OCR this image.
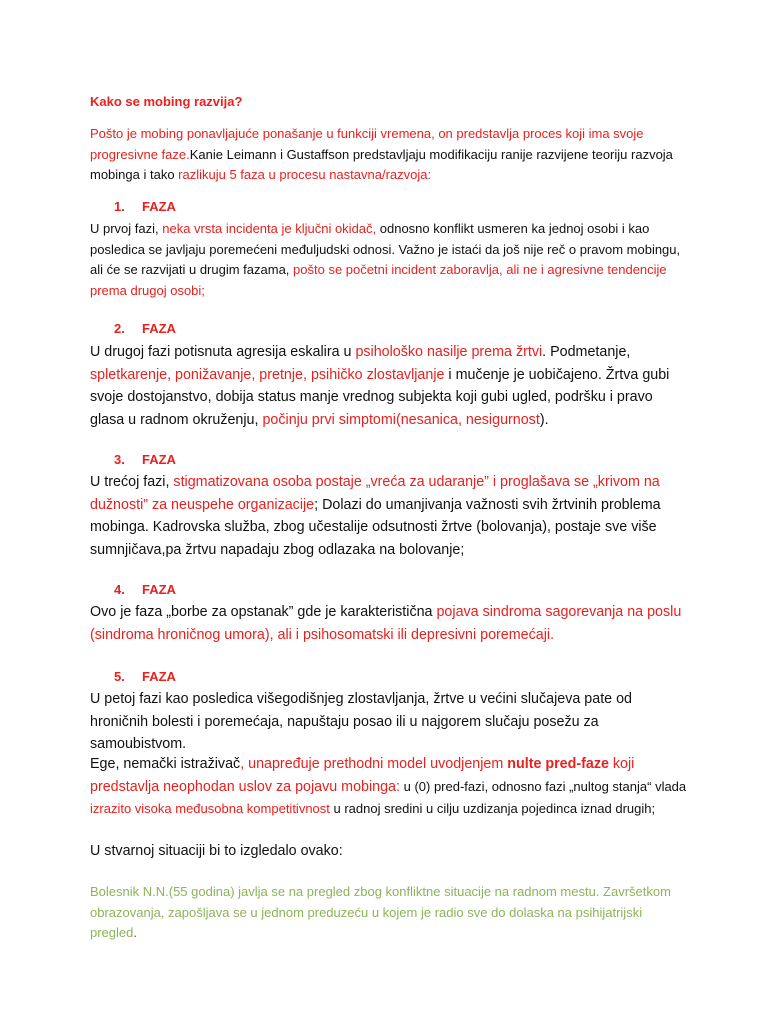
Kako se mobing razvija?

Pošto je mobing ponavljajuće ponašanje u funkciji vremena, on predstavlja proces koji ima svoje progresivne faze.Kanie Leimann i Gustaffson predstavljaju modifikaciju ranije razvijene teoriju razvoja mobinga i tako razlikuju 5 faza u procesu nastavna/razvoja:

1. FAZA

U prvoj fazi, neka vrsta incidenta je ključni okidač, odnosno konflikt usmeren ka jednoj osobi i kao posledica se javljaju poremećeni međuljudski odnosi. Važno je istaći da još nije reč o pravom mobingu, ali će se razvijati u drugim fazama, pošto se početni incident zaboravlja, ali ne i agresivne tendencije prema drugoj osobi;

2. FAZA

U drugoj fazi potisnuta agresija eskalira u psihološko nasilje prema žrtvi. Podmetanje, spletkarenje, ponižavanje, pretnje, psihičko zlostavljanje i mučenje je uobičajeno. Žrtva gubi svoje dostojanstvo, dobija status manje vrednog subjekta koji gubi ugled, podršku i pravo glasa u radnom okruženju, počinju prvi simptomi(nesanica, nesigurnost).

3. FAZA

U trećoj fazi, stigmatizovana osoba postaje „vreća za udaranje” i proglašava se „krivom na dužnosti” za neuspehe organizacije; Dolazi do umanjivanja važnosti svih žrtvinih problema mobinga. Kadrovska služba, zbog učestalije odsutnosti žrtve (bolovanja), postaje sve više sumnjičava,pa žrtvu napadaju zbog odlazaka na bolovanje;

4. FAZA

Ovo je faza „borbe za opstanak” gde je karakteristična pojava sindroma sagorevanja na poslu (sindroma hroničnog umora), ali i psihosomatski ili depresivni poremećaji.

5. FAZA

U petoj fazi kao posledica višegodišnjeg zlostavljanja, žrtve u većini slučajeva pate od hroničnih bolesti i poremećaja, napuštaju posao ili u najgorem slučaju posežu za samoubistvom.

Ege, nemački istraživač, unapređuje prethodni model uvodjenjem nulte pred-faze koji predstavlja neophodan uslov za pojavu mobinga: u (0) pred-fazi, odnosno fazi „nultog stanja“ vlada izrazito visoka međusobna kompetitivnost u radnoj sredini u cilju uzdizanja pojedinca iznad drugih;

U stvarnoj situaciji bi to izgledalo ovako:

Bolesnik N.N.(55 godina) javlja se na pregled zbog konfliktne situacije na radnom mestu. Završetkom obrazovanja, zapošljava se u jednom preduzeću u kojem je radio sve do dolaska na psihijatrijski pregled.
